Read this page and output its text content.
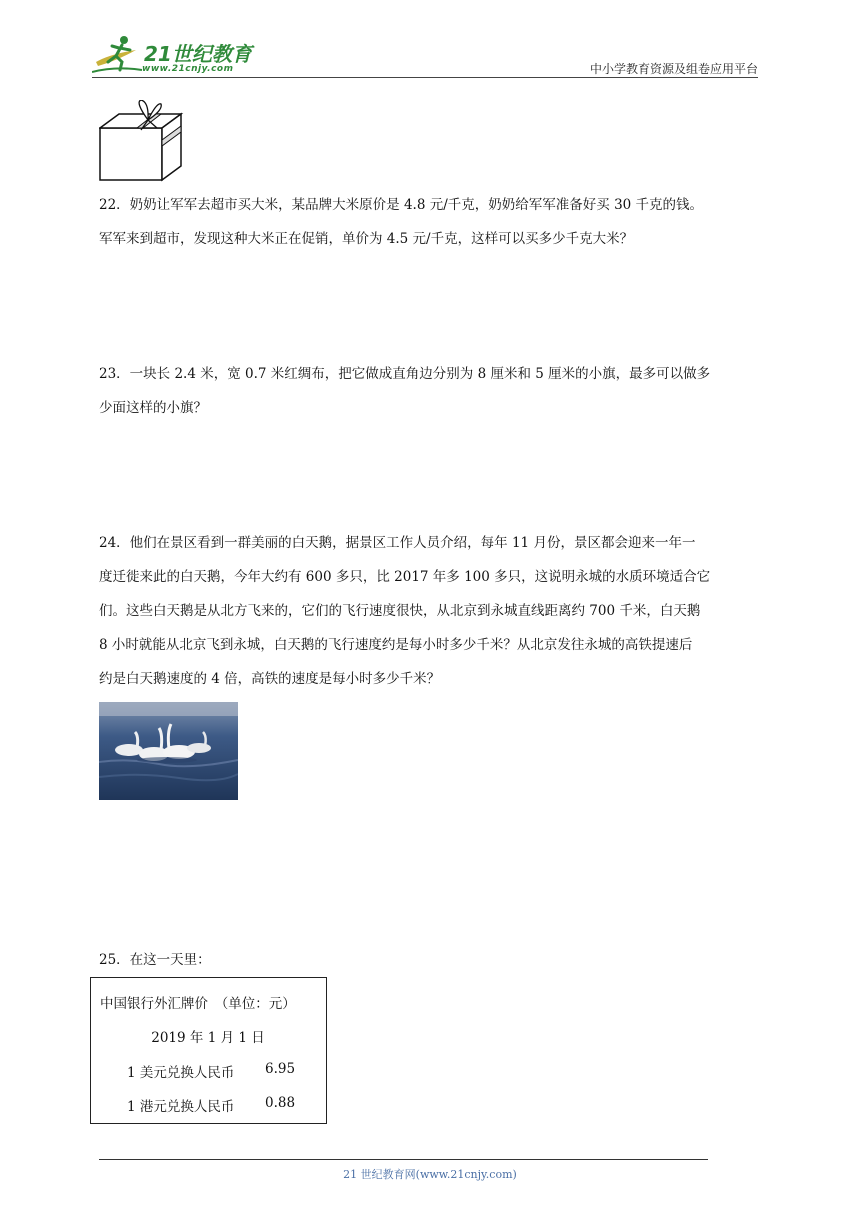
21世纪教育
www.21cnjy.com	中小学教育资源及组卷应用平台

22．奶奶让军军去超市买大米，某品牌大米原价是 4.8 元/千克，奶奶给军军准备好买 30 千克的钱。

军军来到超市，发现这种大米正在促销，单价为 4.5 元/千克，这样可以买多少千克大米？

23．一块长 2.4 米，宽 0.7 米红绸布，把它做成直角边分别为 8 厘米和 5 厘米的小旗，最多可以做多

少面这样的小旗？

24．他们在景区看到一群美丽的白天鹅，据景区工作人员介绍，每年 11 月份，景区都会迎来一年一

度迁徙来此的白天鹅，今年大约有 600 多只，比 2017 年多 100 多只，这说明永城的水质环境适合它

们。这些白天鹅是从北方飞来的，它们的飞行速度很快，从北京到永城直线距离约 700 千米，白天鹅

8 小时就能从北京飞到永城，白天鹅的飞行速度约是每小时多少千米？从北京发往永城的高铁提速后

约是白天鹅速度的 4 倍，高铁的速度是每小时多少千米？

25．在这一天里：

中国银行外汇牌价　（单位：元）
2019 年 1 月 1 日
1 美元兑换人民币 6.95
1 港元兑换人民币 0.88
21 世纪教育网(www.21cnjy.com)
